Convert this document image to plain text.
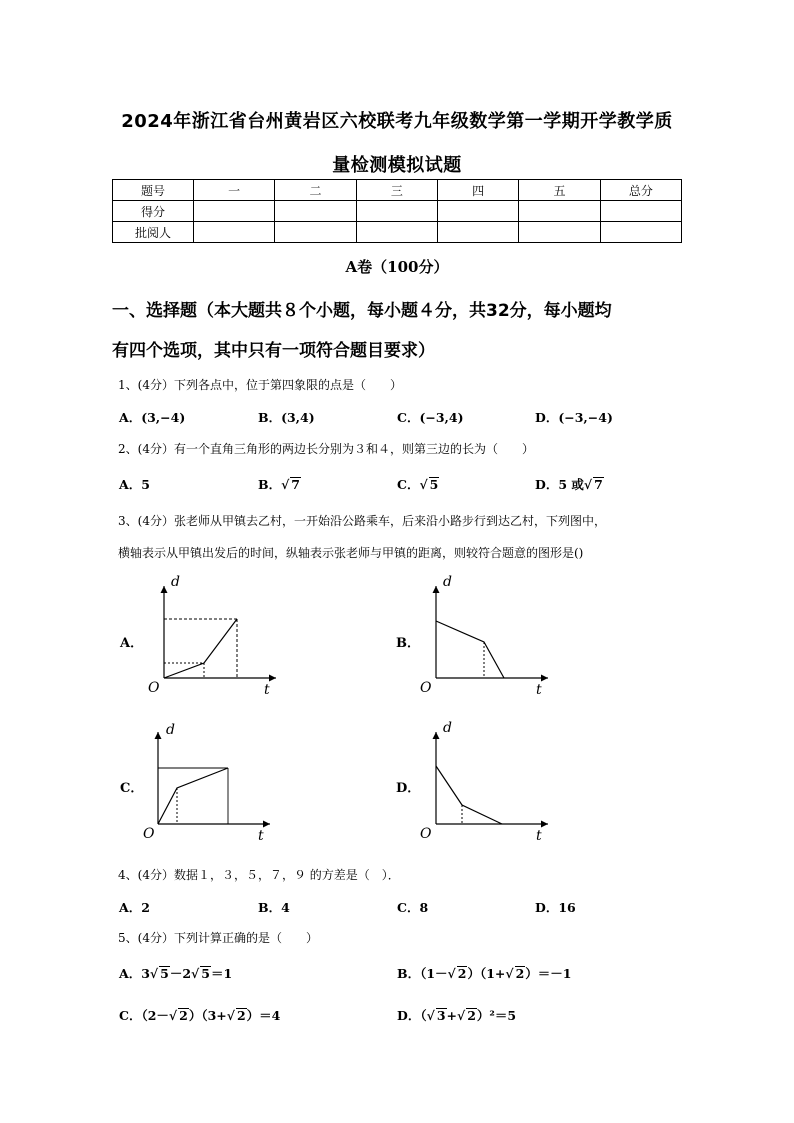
2024年浙江省台州黄岩区六校联考九年级数学第一学期开学教学质
量检测模拟试题
题号	一	二	三	四	五	总分
得分						
批阅人						
A卷（100分）
一、选择题（本大题共８个小题，每小题４分，共32分，每小题均
有四个选项，其中只有一项符合题目要求）
1、(4分）下列各点中，位于第四象限的点是（　　）
A．(3,−4)	B．(3,4)	C．(−3,4)	D．(−3,−4)
2、(4分）有一个直角三角形的两边长分别为３和４，则第三边的长为（　　）
A．5	B．√ 7	C．√ 5	D．5 或√ 7
3、(4分）张老师从甲镇去乙村，一开始沿公路乘车，后来沿小路步行到达乙村，下列图中，
横轴表示从甲镇出发后的时间，纵轴表示张老师与甲镇的距离，则较符合题意的图形是()
A．	B．
C．	D．
d
t
O
d
t
O
d
t
O
d
t
O
4、(4分）数据１，３，５，７，９ 的方差是（　）．
A．2	B．4	C．8	D．16
5、(4分）下列计算正确的是（　　）
A．3√ 5－2√ 5＝1	B．（1－√ 2）（1+√ 2）＝－1
C．（2－√ 2）（3+√ 2）＝4	D．（√ 3+√ 2）²＝5
